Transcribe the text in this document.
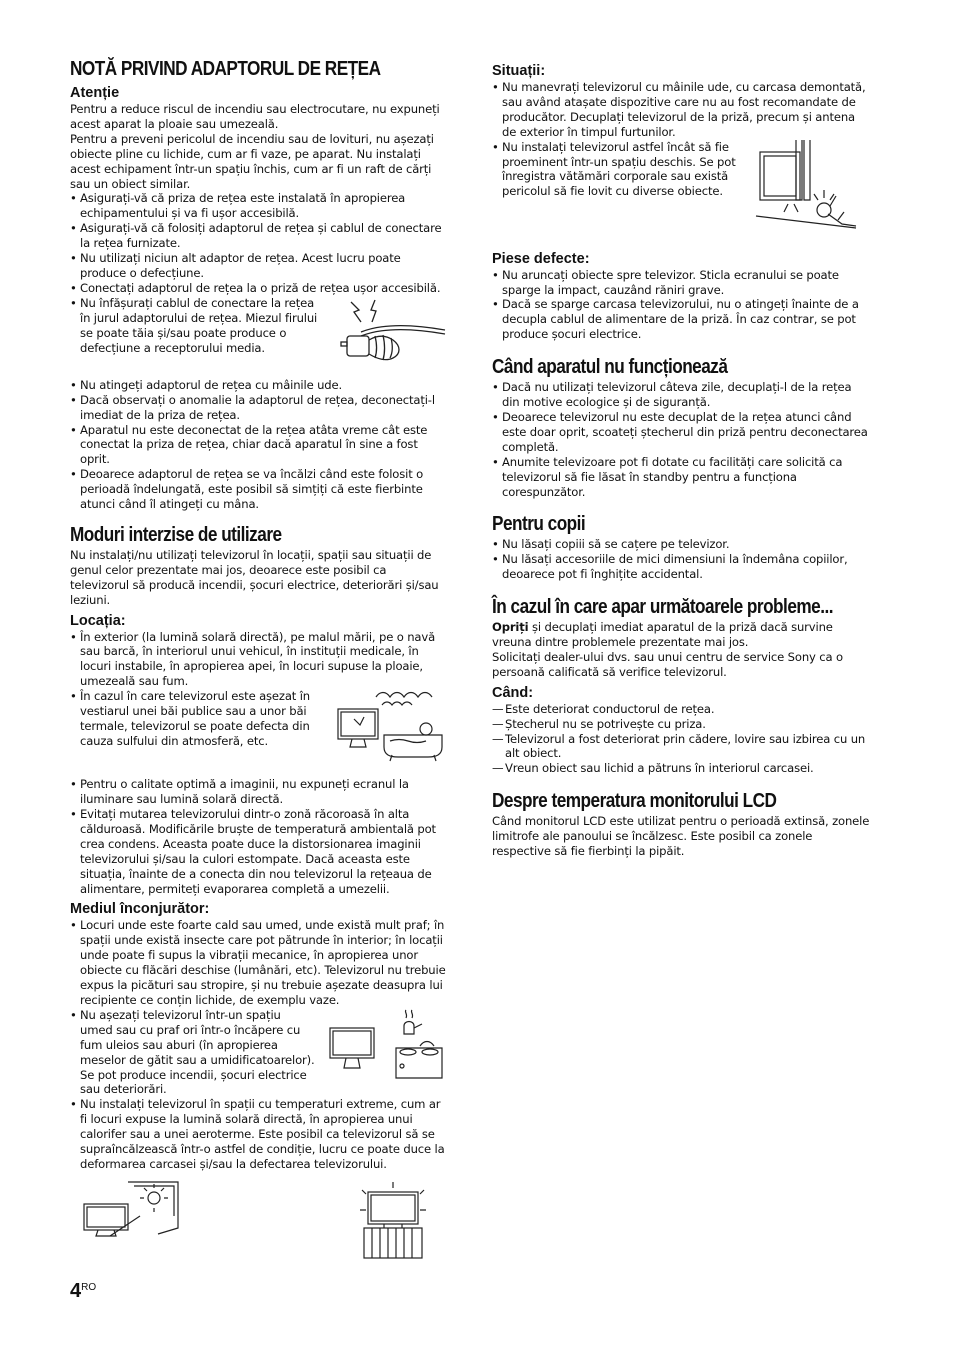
NOTĂ PRIVIND ADAPTORUL DE REȚEA
Atenție

Pentru a reduce riscul de incendiu sau electrocutare, nu expuneți acest aparat la ploaie sau umezeală.

Pentru a preveni pericolul de incendiu sau de lovituri, nu așezați obiecte pline cu lichide, cum ar fi vaze, pe aparat. Nu instalați acest echipament într-un spațiu închis, cum ar fi un raft de cărți sau un obiect similar.

• Asigurați-vă că priza de rețea este instalată în apropierea echipamentului și va fi ușor accesibilă.
• Asigurați-vă că folosiți adaptorul de rețea și cablul de conectare la rețea furnizate.
• Nu utilizați niciun alt adaptor de rețea. Acest lucru poate produce o defecțiune.
• Conectați adaptorul de rețea la o priză de rețea ușor accesibilă.
• Nu înfășurați cablul de conectare la rețea în jurul adaptorului de rețea. Miezul firului se poate tăia și/sau poate produce o defecțiune a receptorului media.
• Nu atingeți adaptorul de rețea cu mâinile ude.
• Dacă observați o anomalie la adaptorul de rețea, deconectați-l imediat de la priza de rețea.
• Aparatul nu este deconectat de la rețea atâta vreme cât este conectat la priza de rețea, chiar dacă aparatul în sine a fost oprit.
• Deoarece adaptorul de rețea se va încălzi când este folosit o perioadă îndelungată, este posibil să simțiți că este fierbinte atunci când îl atingeți cu mâna.
Moduri interzise de utilizare

Nu instalați/nu utilizați televizorul în locații, spații sau situații de genul celor prezentate mai jos, deoarece este posibil ca televizorul să producă incendii, șocuri electrice, deteriorări și/sau leziuni.

Locația:
• În exterior (la lumină solară directă), pe malul mării, pe o navă sau barcă, în interiorul unui vehicul, în instituții medicale, în locuri instabile, în apropierea apei, în locuri supuse la ploaie, umezeală sau fum.
• În cazul în care televizorul este așezat în vestiarul unei băi publice sau a unor băi termale, televizorul se poate defecta din cauza sulfului din atmosferă, etc.
• Pentru o calitate optimă a imaginii, nu expuneți ecranul la iluminare sau lumină solară directă.
• Evitați mutarea televizorului dintr-o zonă răcoroasă în alta călduroasă. Modificările bruște de temperatură ambientală pot crea condens. Aceasta poate duce la distorsionarea imaginii televizorului și/sau la culori estompate. Dacă aceasta este situația, înainte de a conecta din nou televizorul la rețeaua de alimentare, permiteți evaporarea completă a umezelii.
Mediul înconjurător:
• Locuri unde este foarte cald sau umed, unde există mult praf; în spații unde există insecte care pot pătrunde în interior; în locații unde poate fi supus la vibrații mecanice, în apropierea unor obiecte cu flăcări deschise (lumânări, etc). Televizorul nu trebuie expus la picături sau stropire, și nu trebuie așezate deasupra lui recipiente ce conțin lichide, de exemplu vaze.
• Nu așezați televizorul într-un spațiu umed sau cu praf ori într-o încăpere cu fum uleios sau aburi (în apropierea meselor de gătit sau a umidificatoarelor). Se pot produce incendii, șocuri electrice sau deteriorări.
• Nu instalați televizorul în spații cu temperaturi extreme, cum ar fi locuri expuse la lumină solară directă, în apropierea unui calorifer sau a unei aeroterme. Este posibil ca televizorul să se supraîncălzească într-o astfel de condiție, lucru ce poate duce la deformarea carcasei și/sau la defectarea televizorului.
Situații:
• Nu manevrați televizorul cu mâinile ude, cu carcasa demontată, sau având atașate dispozitive care nu au fost recomandate de producător. Decuplați televizorul de la priză, precum și antena de exterior în timpul furtunilor.
• Nu instalați televizorul astfel încât să fie proeminent într-un spațiu deschis. Se pot înregistra vătămări corporale sau există pericolul să fie lovit cu diverse obiecte.
Piese defecte:
• Nu aruncați obiecte spre televizor. Sticla ecranului se poate sparge la impact, cauzând răniri grave.
• Dacă se sparge carcasa televizorului, nu o atingeți înainte de a decupla cablul de alimentare de la priză. În caz contrar, se pot produce șocuri electrice.
Când aparatul nu funcționează
• Dacă nu utilizați televizorul câteva zile, decuplați-l de la rețea din motive ecologice și de siguranță.
• Deoarece televizorul nu este decuplat de la rețea atunci când este doar oprit, scoateți ștecherul din priză pentru deconectarea completă.
• Anumite televizoare pot fi dotate cu facilități care solicită ca televizorul să fie lăsat în standby pentru a funcționa corespunzător.
Pentru copii
• Nu lăsați copiii să se cațere pe televizor.
• Nu lăsați accesoriile de mici dimensiuni la îndemâna copiilor, deoarece pot fi înghițite accidental.
În cazul în care apar următoarele probleme...

Opriți și decuplați imediat aparatul de la priză dacă survine vreuna dintre problemele prezentate mai jos.

Solicitați dealer-ului dvs. sau unui centru de service Sony ca o persoană calificată să verifice televizorul.

Când:
— Este deteriorat conductorul de rețea.
— Ștecherul nu se potrivește cu priza.
— Televizorul a fost deteriorat prin cădere, lovire sau izbirea cu un alt obiect.
— Vreun obiect sau lichid a pătruns în interiorul carcasei.
Despre temperatura monitorului LCD

Când monitorul LCD este utilizat pentru o perioadă extinsă, zonele limitrofe ale panoului se încălzesc. Este posibil ca zonele respective să fie fierbinți la pipăit.

$4^{RO}$
